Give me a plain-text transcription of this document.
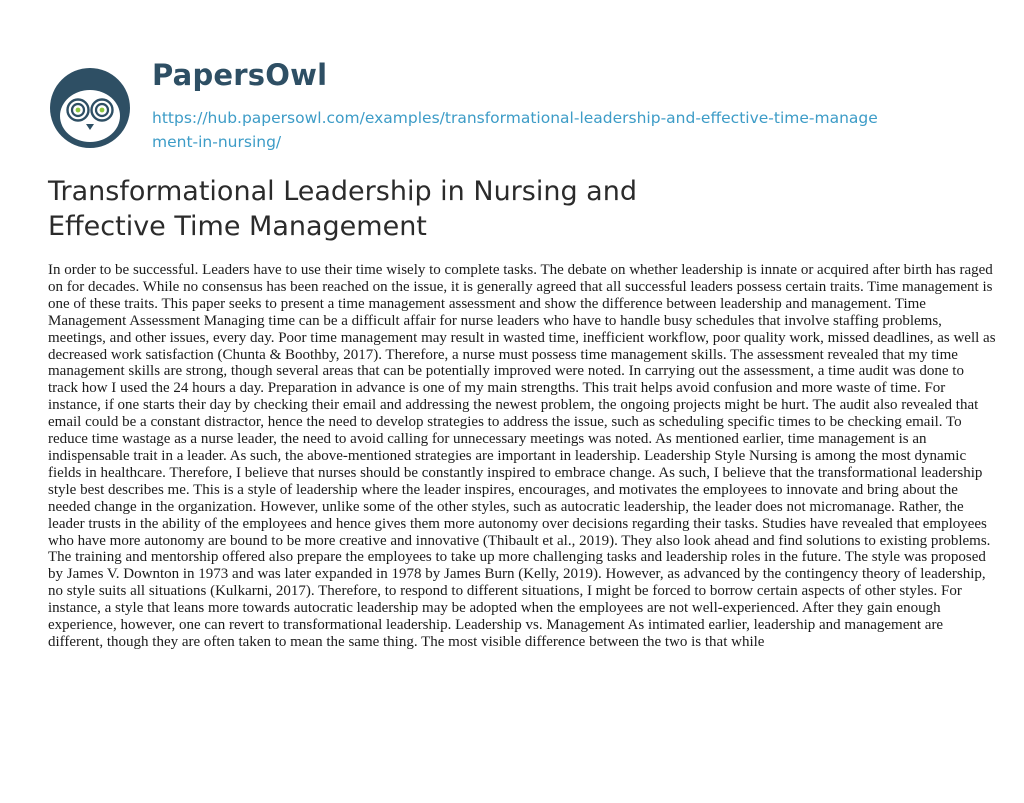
PapersOwl
https://hub.papersowl.com/examples/transformational-leadership-and-effective-time-management-in-nursing/
Transformational Leadership in Nursing and Effective Time Management

In order to be successful. Leaders have to use their time wisely to complete tasks. The debate on whether leadership is innate or acquired after birth has raged on for decades. While no consensus has been reached on the issue, it is generally agreed that all successful leaders possess certain traits. Time management is one of these traits. This paper seeks to present a time management assessment and show the difference between leadership and management. Time Management Assessment Managing time can be a difficult affair for nurse leaders who have to handle busy schedules that involve staffing problems, meetings, and other issues, every day. Poor time management may result in wasted time, inefficient workflow, poor quality work, missed deadlines, as well as decreased work satisfaction (Chunta & Boothby, 2017). Therefore, a nurse must possess time management skills. The assessment revealed that my time management skills are strong, though several areas that can be potentially improved were noted. In carrying out the assessment, a time audit was done to track how I used the 24 hours a day. Preparation in advance is one of my main strengths. This trait helps avoid confusion and more waste of time. For instance, if one starts their day by checking their email and addressing the newest problem, the ongoing projects might be hurt. The audit also revealed that email could be a constant distractor, hence the need to develop strategies to address the issue, such as scheduling specific times to be checking email. To reduce time wastage as a nurse leader, the need to avoid calling for unnecessary meetings was noted. As mentioned earlier, time management is an indispensable trait in a leader. As such, the above-mentioned strategies are important in leadership. Leadership Style Nursing is among the most dynamic fields in healthcare. Therefore, I believe that nurses should be constantly inspired to embrace change. As such, I believe that the transformational leadership style best describes me. This is a style of leadership where the leader inspires, encourages, and motivates the employees to innovate and bring about the needed change in the organization. However, unlike some of the other styles, such as autocratic leadership, the leader does not micromanage. Rather, the leader trusts in the ability of the employees and hence gives them more autonomy over decisions regarding their tasks. Studies have revealed that employees who have more autonomy are bound to be more creative and innovative (Thibault et al., 2019). They also look ahead and find solutions to existing problems. The training and mentorship offered also prepare the employees to take up more challenging tasks and leadership roles in the future. The style was proposed by James V. Downton in 1973 and was later expanded in 1978 by James Burn (Kelly, 2019). However, as advanced by the contingency theory of leadership, no style suits all situations (Kulkarni, 2017). Therefore, to respond to different situations, I might be forced to borrow certain aspects of other styles. For instance, a style that leans more towards autocratic leadership may be adopted when the employees are not well-experienced. After they gain enough experience, however, one can revert to transformational leadership. Leadership vs. Management As intimated earlier, leadership and management are different, though they are often taken to mean the same thing. The most visible difference between the two is that while
